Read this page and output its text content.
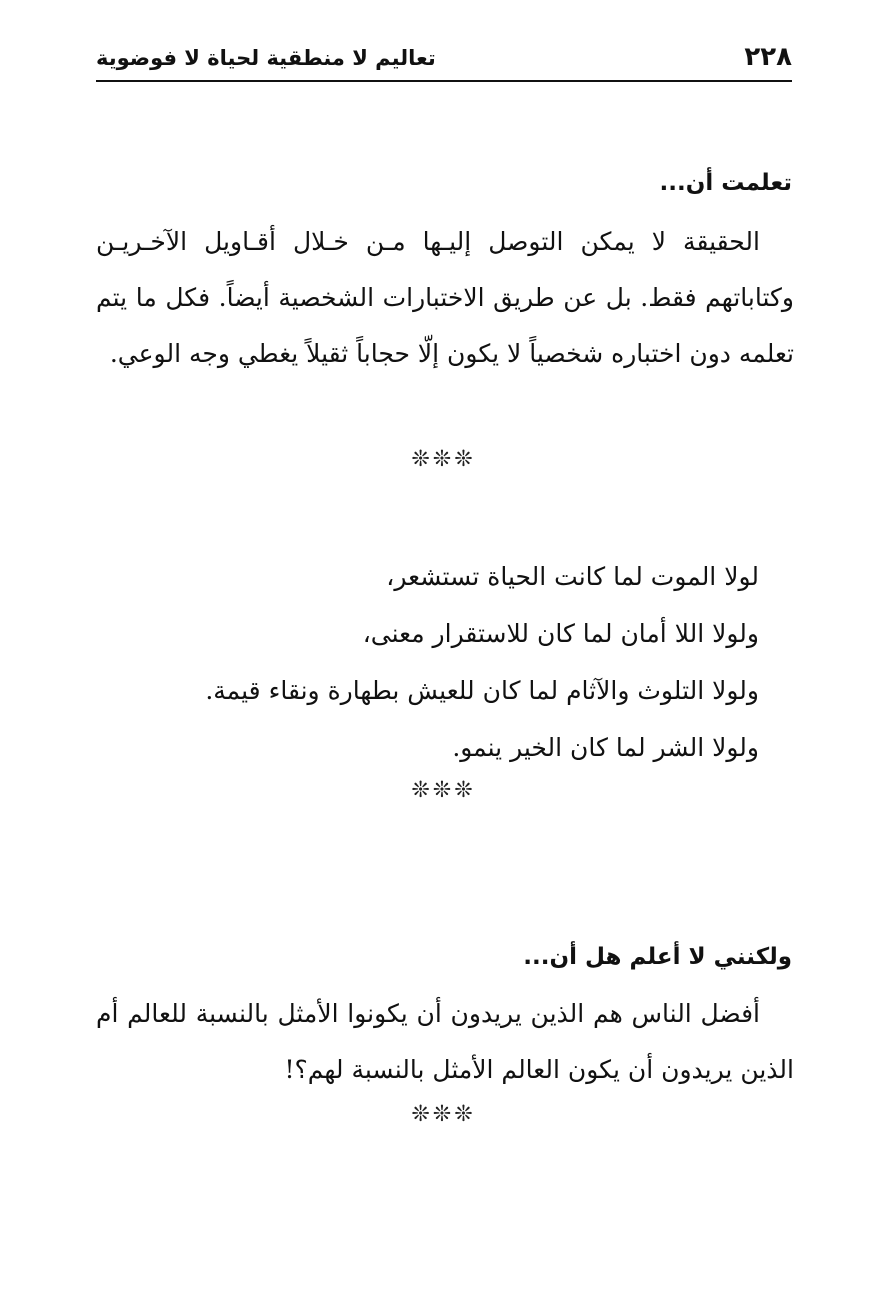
٢٢٨
تعاليم لا منطقية لحياة لا فوضوية
تعلمت أن...

الحقيقة لا يمكن التوصل إليـها مـن خـلال أقـاويل الآخـريـن وكتاباتهم فقط. بل عن طريق الاختبارات الشخصية أيضاً. فكل ما يتم تعلمه دون اختباره شخصياً لا يكون إلّا حجاباً ثقيلاً يغطي وجه الوعي.

❊❊❊
لولا الموت لما كانت الحياة تستشعر،
ولولا اللا أمان لما كان للاستقرار معنى،
ولولا التلوث والآثام لما كان للعيش بطهارة ونقاء قيمة.
ولولا الشر لما كان الخير ينمو.
❊❊❊
ولكنني لا أعلم هل أن...

أفضل الناس هم الذين يريدون أن يكونوا الأمثل بالنسبة للعالم أم الذين يريدون أن يكون العالم الأمثل بالنسبة لهم؟!

❊❊❊
